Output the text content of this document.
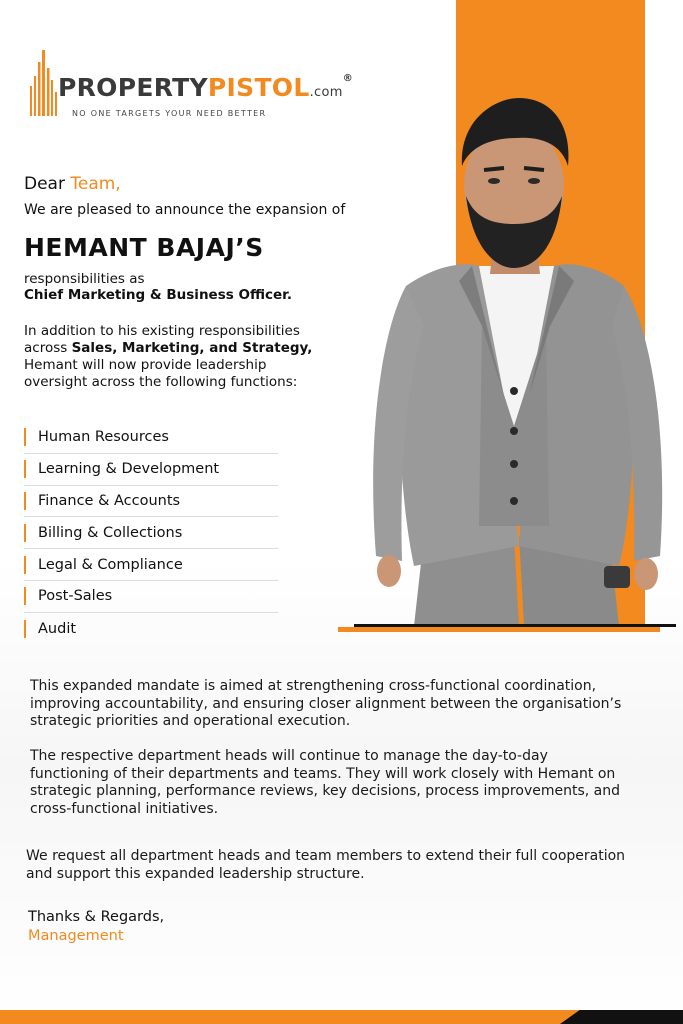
PROPERTYPISTOL.com®
NO ONE TARGETS YOUR NEED BETTER
Dear Team,
We are pleased to announce the expansion of
HEMANT BAJAJ’S
responsibilities as
Chief Marketing & Business Officer.
In addition to his existing responsibilities
across Sales, Marketing, and Strategy,
Hemant will now provide leadership
oversight across the following functions:
Human Resources
Learning & Development
Finance & Accounts
Billing & Collections
Legal & Compliance
Post-Sales
Audit
This expanded mandate is aimed at strengthening cross-functional coordination,
improving accountability, and ensuring closer alignment between the organisation’s
strategic priorities and operational execution.
The respective department heads will continue to manage the day-to-day
functioning of their departments and teams. They will work closely with Hemant on
strategic planning, performance reviews, key decisions, process improvements, and
cross-functional initiatives.
We request all department heads and team members to extend their full cooperation
and support this expanded leadership structure.
Thanks & Regards,
Management
